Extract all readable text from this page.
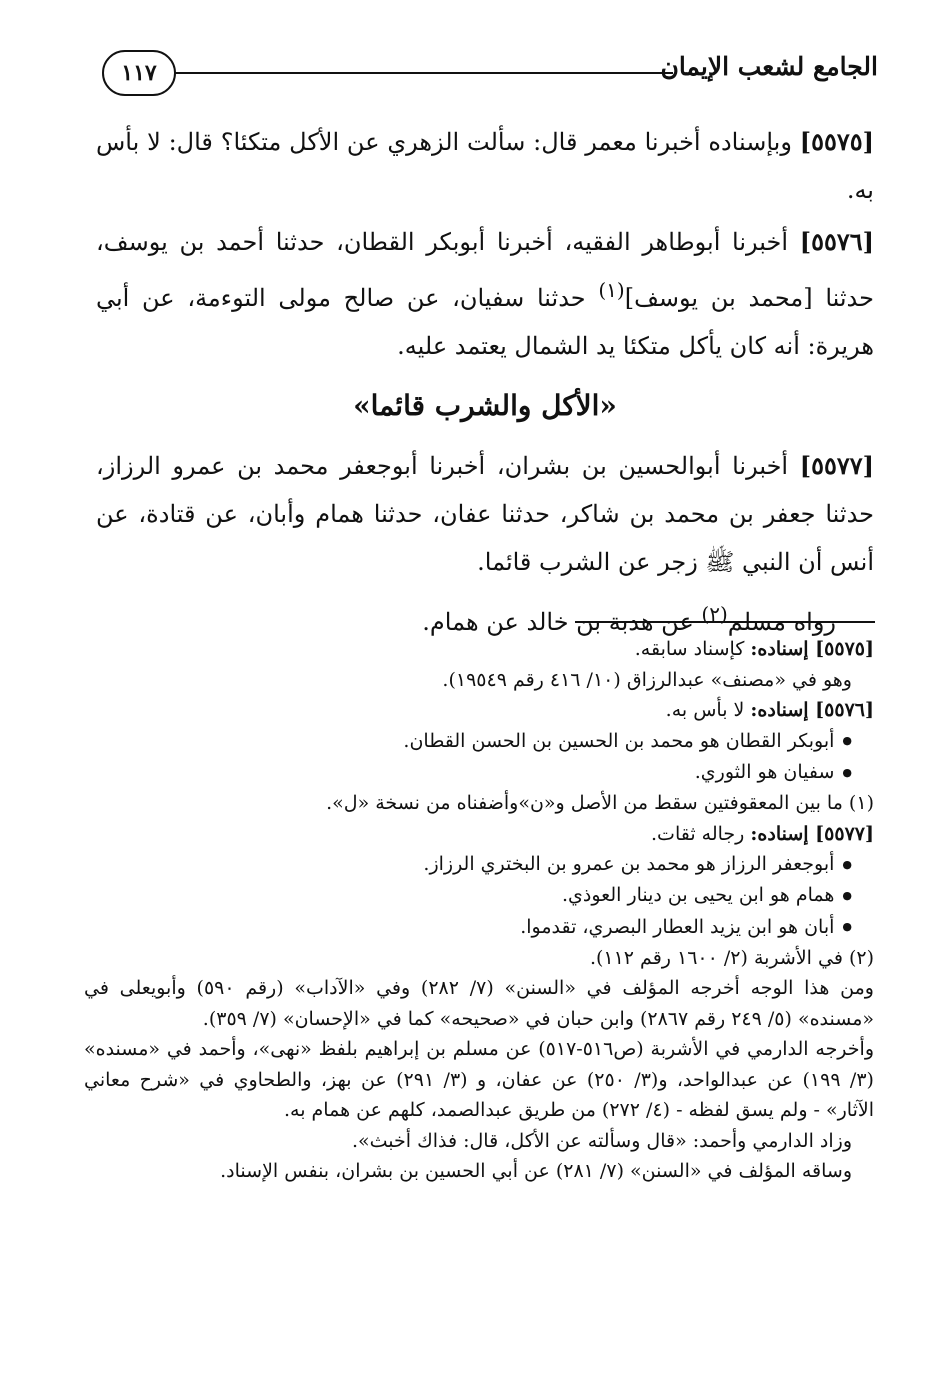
الجامع لشعب الإيمان
١١٧

[٥٥٧٥] وبإسناده أخبرنا معمر قال: سألت الزهري عن الأكل متكئا؟ قال: لا بأس به.

[٥٥٧٦] أخبرنا أبوطاهر الفقيه، أخبرنا أبوبكر القطان، حدثنا أحمد بن يوسف، حدثنا [محمد بن يوسف]$^{(١)}$ حدثنا سفيان، عن صالح مولى التوءمة، عن أبي هريرة: أنه كان يأكل متكئا يد الشمال يعتمد عليه.

«الأكل والشرب قائما»

[٥٥٧٧] أخبرنا أبوالحسين بن بشران، أخبرنا أبوجعفر محمد بن عمرو الرزاز، حدثنا جعفر بن محمد بن شاكر، حدثنا عفان، حدثنا همام وأبان، عن قتادة، عن أنس أن النبي ﷺ زجر عن الشرب قائما.

رواه مسلم$^{(٢)}$ عن هدبة بن خالد عن همام.

[٥٥٧٥] إسناده: كإسناد سابقه.

وهو في «مصنف» عبدالرزاق (١٠/ ٤١٦ رقم ١٩٥٤٩).

[٥٥٧٦] إسناده: لا بأس به.

● أبوبكر القطان هو محمد بن الحسين بن الحسن القطان.

● سفيان هو الثوري.

(١) ما بين المعقوفتين سقط من الأصل و«ن»وأضفناه من نسخة «ل».

[٥٥٧٧] إسناده: رجاله ثقات.

● أبوجعفر الرزاز هو محمد بن عمرو بن البختري الرزاز.

● همام هو ابن يحيى بن دينار العوذي.

● أبان هو ابن يزيد العطار البصري، تقدموا.

(٢) في الأشربة (٢/ ١٦٠٠ رقم ١١٢).

ومن هذا الوجه أخرجه المؤلف في «السنن» (٧/ ٢٨٢) وفي «الآداب» (رقم ٥٩٠) وأبويعلى في «مسنده» (٥/ ٢٤٩ رقم ٢٨٦٧) وابن حبان في «صحيحه» كما في «الإحسان» (٧/ ٣٥٩).

وأخرجه الدارمي في الأشربة (ص٥١٦-٥١٧) عن مسلم بن إبراهيم بلفظ «نهى»، وأحمد في «مسنده» (٣/ ١٩٩) عن عبدالواحد، و(٣/ ٢٥٠) عن عفان، و (٣/ ٢٩١) عن بهز، والطحاوي في «شرح معاني الآثار» - ولم يسق لفظه - (٤/ ٢٧٢) من طريق عبدالصمد، كلهم عن همام به.

وزاد الدارمي وأحمد: «قال وسألته عن الأكل، قال: فذاك أخبث».

وساقه المؤلف في «السنن» (٧/ ٢٨١) عن أبي الحسين بن بشران، بنفس الإسناد.
